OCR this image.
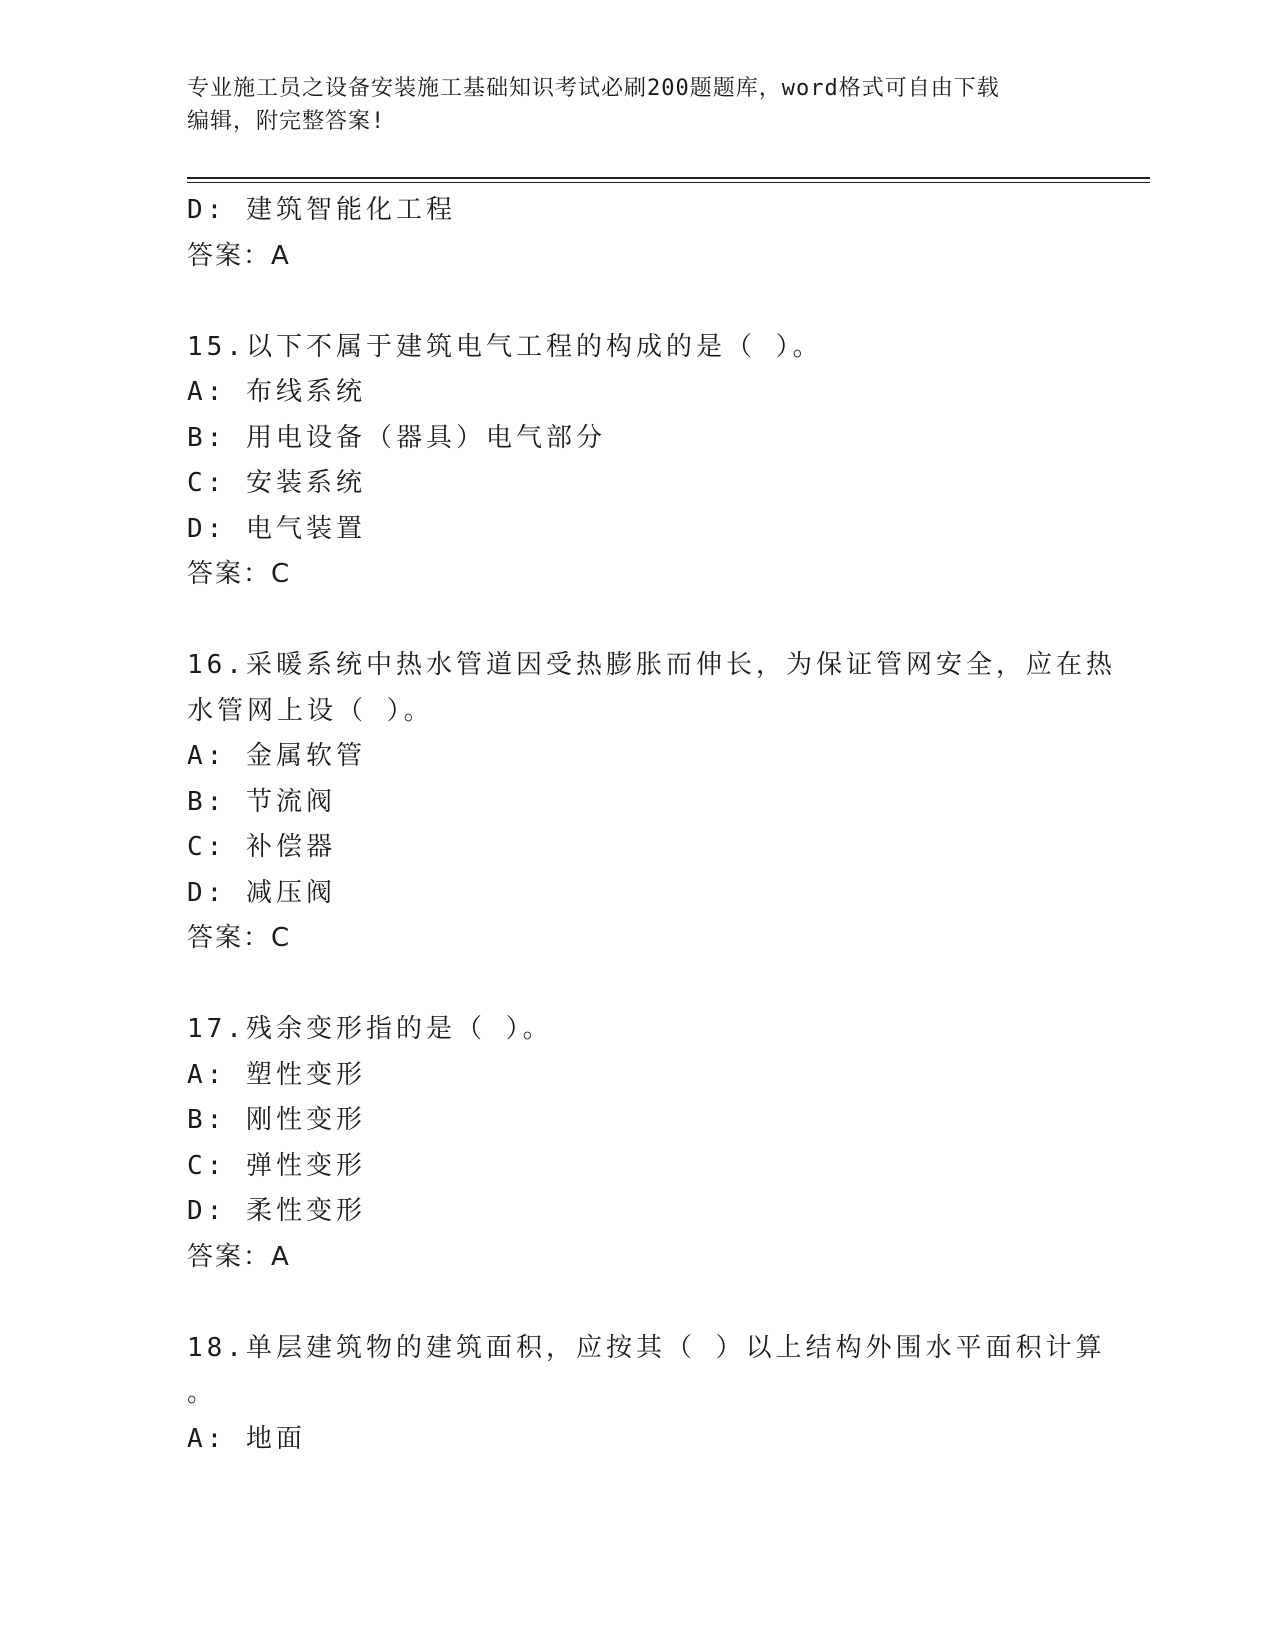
专业施工员之设备安装施工基础知识考试必刷200题题库，word格式可自由下载
编辑，附完整答案!
D: 建筑智能化工程
答案：A
15.以下不属于建筑电气工程的构成的是（ ）。
A: 布线系统
B: 用电设备（器具）电气部分
C: 安装系统
D: 电气装置
答案：C
16.采暖系统中热水管道因受热膨胀而伸长，为保证管网安全，应在热
水管网上设（ ）。
A: 金属软管
B: 节流阀
C: 补偿器
D: 减压阀
答案：C
17.残余变形指的是（ ）。
A: 塑性变形
B: 刚性变形
C: 弹性变形
D: 柔性变形
答案：A
18.单层建筑物的建筑面积，应按其（ ）以上结构外围水平面积计算
。
A: 地面
